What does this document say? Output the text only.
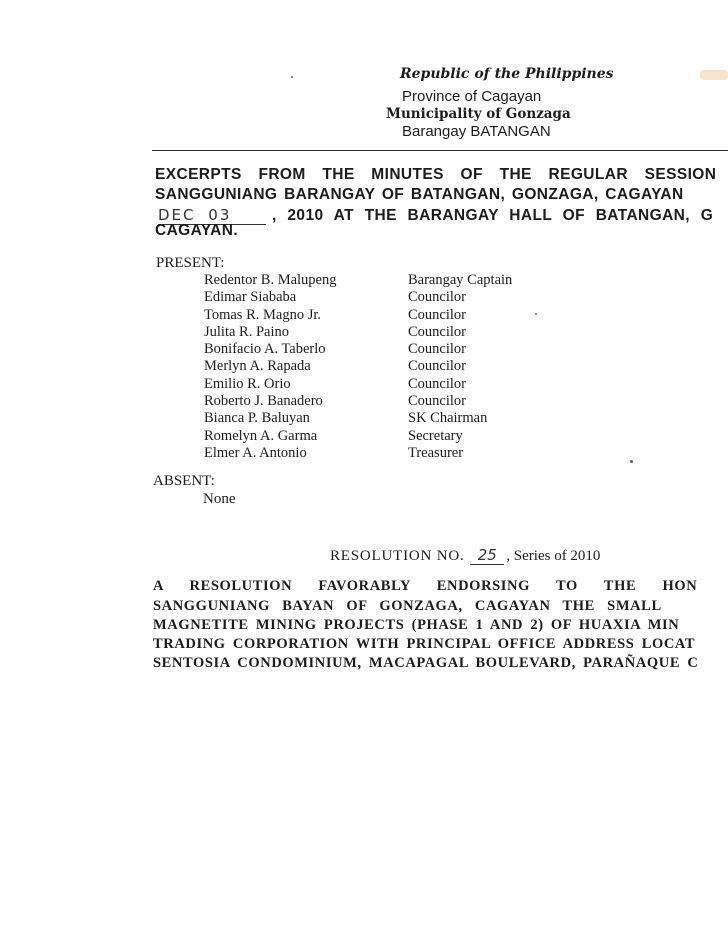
Republic of the Philippines
Province of Cagayan
Municipality of Gonzaga
Barangay BATANGAN
EXCERPTS FROM THE MINUTES OF THE REGULAR SESSION
SANGGUNIANG BARANGAY OF BATANGAN, GONZAGA, CAGAYAN
DEC 03	, 2010 AT THE BARANGAY HALL OF BATANGAN, G
CAGAYAN.
PRESENT:
Redentor B. Malupeng	Barangay Captain
Edimar Siababa	Councilor
Tomas R. Magno Jr.	Councilor
Julita R. Paino	Councilor
Bonifacio A. Taberlo	Councilor
Merlyn A. Rapada	Councilor
Emilio R. Orio	Councilor
Roberto J. Banadero	Councilor
Bianca P. Baluyan	SK Chairman
Romelyn A. Garma	Secretary
Elmer A. Antonio	Treasurer
ABSENT:
None
RESOLUTION NO. 25 , Series of 2010
A RESOLUTION FAVORABLY ENDORSING TO THE HON
SANGGUNIANG BAYAN OF GONZAGA, CAGAYAN THE SMALL
MAGNETITE MINING PROJECTS (PHASE 1 AND 2) OF HUAXIA MIN
TRADING CORPORATION WITH PRINCIPAL OFFICE ADDRESS LOCAT
SENTOSIA CONDOMINIUM, MACAPAGAL BOULEVARD, PARAÑAQUE C
